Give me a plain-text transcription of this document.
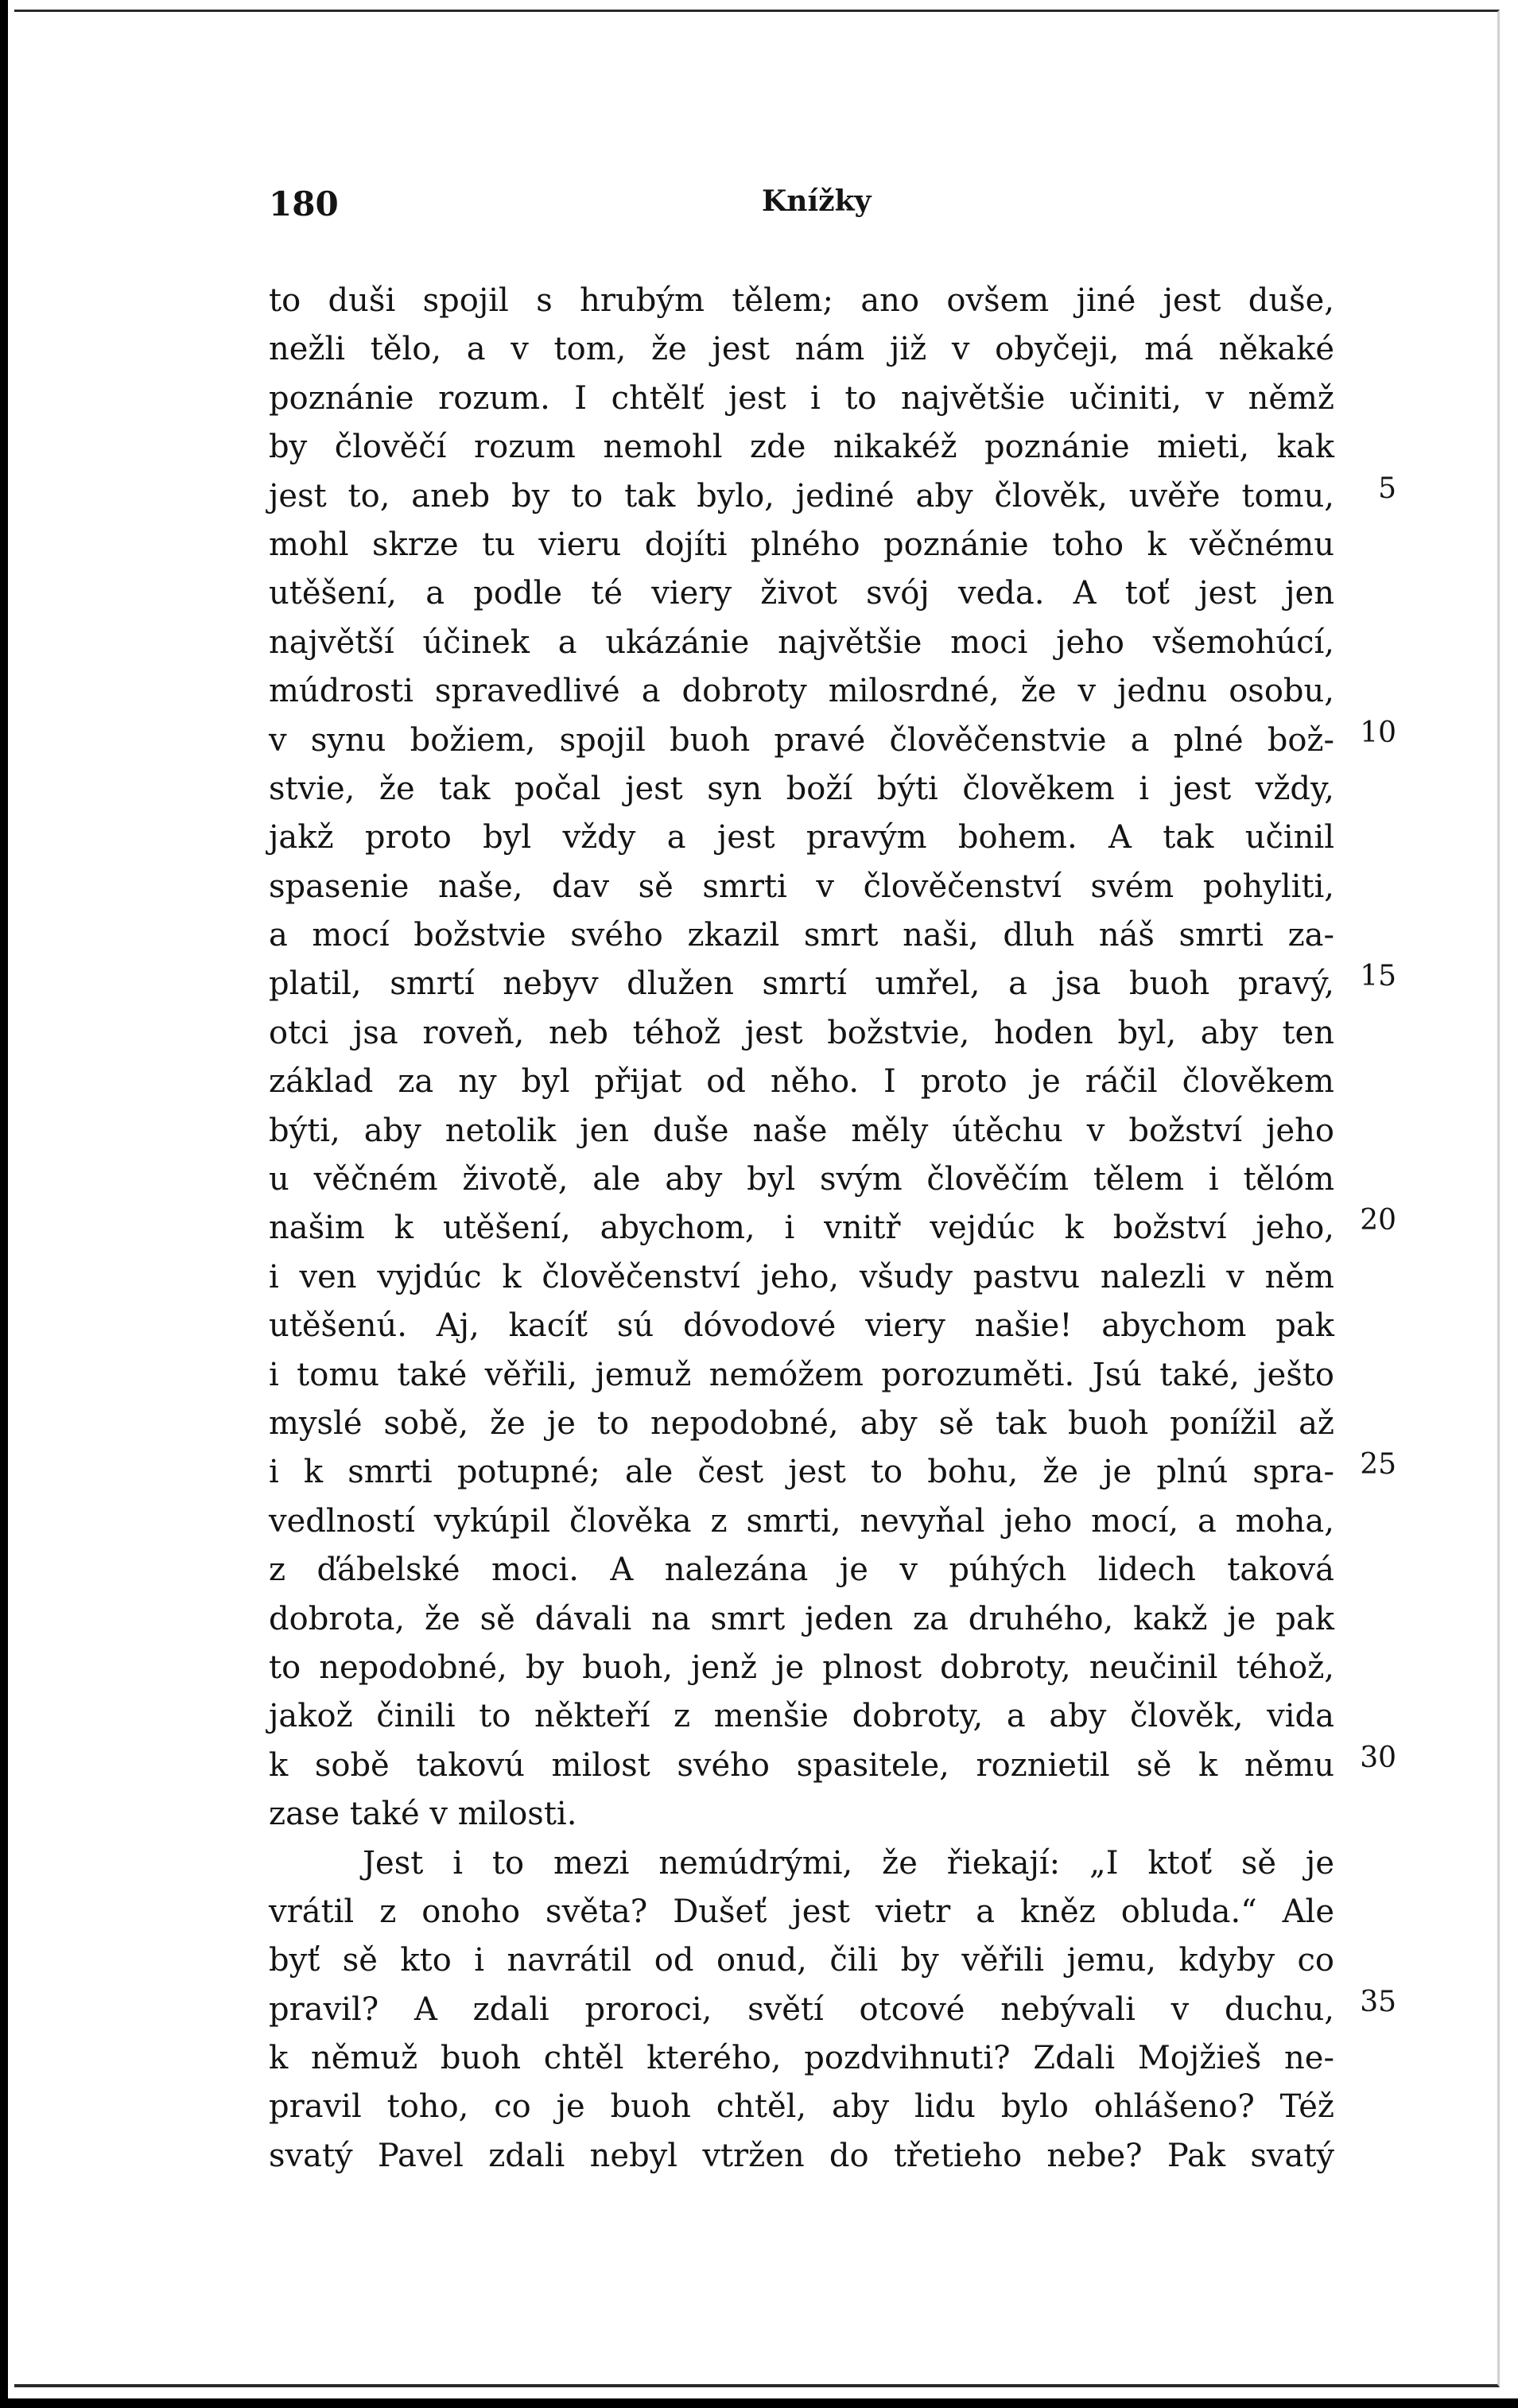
180	Knížky
to duši spojil s hrubým tělem; ano ovšem jiné jest duše,
nežli tělo, a v tom, že jest nám již v obyčeji, má někaké
poznánie rozum. I chtělť jest i to najvětšie učiniti, v němž
by člověčí rozum nemohl zde nikakéž poznánie mieti, kak
jest to, aneb by to tak bylo, jediné aby člověk, uvěře tomu, 5
mohl skrze tu vieru dojíti plného poznánie toho k věčnému
utěšení, a podle té viery život svój veda. A toť jest jen
najvětší účinek a ukázánie najvětšie moci jeho všemohúcí,
múdrosti spravedlivé a dobroty milosrdné, že v jednu osobu,
v synu božiem, spojil buoh pravé člověčenstvie a plné bož- 10
stvie, že tak počal jest syn boží býti člověkem i jest vždy,
jakž proto byl vždy a jest pravým bohem. A tak učinil
spasenie naše, dav sě smrti v člověčenství svém pohyliti,
a mocí božstvie svého zkazil smrt naši, dluh náš smrti za-
platil, smrtí nebyv dlužen smrtí umřel, a jsa buoh pravý, 15
otci jsa roveň, neb téhož jest božstvie, hoden byl, aby ten
základ za ny byl přijat od něho. I proto je ráčil člověkem
býti, aby netolik jen duše naše měly útěchu v božství jeho
u věčném životě, ale aby byl svým člověčím tělem i tělóm
našim k utěšení, abychom, i vnitř vejdúc k božství jeho, 20
i ven vyjdúc k člověčenství jeho, všudy pastvu nalezli v něm
utěšenú. Aj, kacíť sú dóvodové viery našie! abychom pak
i tomu také věřili, jemuž nemóžem porozuměti. Jsú také, ješto
myslé sobě, že je to nepodobné, aby sě tak buoh ponížil až
i k smrti potupné; ale čest jest to bohu, že je plnú spra- 25
vedlností vykúpil člověka z smrti, nevyňal jeho mocí, a moha,
z ďábelské moci. A nalezána je v púhých lidech taková
dobrota, že sě dávali na smrt jeden za druhého, kakž je pak
to nepodobné, by buoh, jenž je plnost dobroty, neučinil téhož,
jakož činili to někteří z menšie dobroty, a aby člověk, vida
k sobě takovú milost svého spasitele, roznietil sě k němu 30
zase také v milosti.
Jest i to mezi nemúdrými, že řiekají: „I ktoť sě je
vrátil z onoho světa? Dušeť jest vietr a kněz obluda.“ Ale
byť sě kto i navrátil od onud, čili by věřili jemu, kdyby co
pravil? A zdali proroci, světí otcové nebývali v duchu, 35
k němuž buoh chtěl kterého, pozdvihnuti? Zdali Mojžieš ne-
pravil toho, co je buoh chtěl, aby lidu bylo ohlášeno? Též
svatý Pavel zdali nebyl vtržen do třetieho nebe? Pak svatý
